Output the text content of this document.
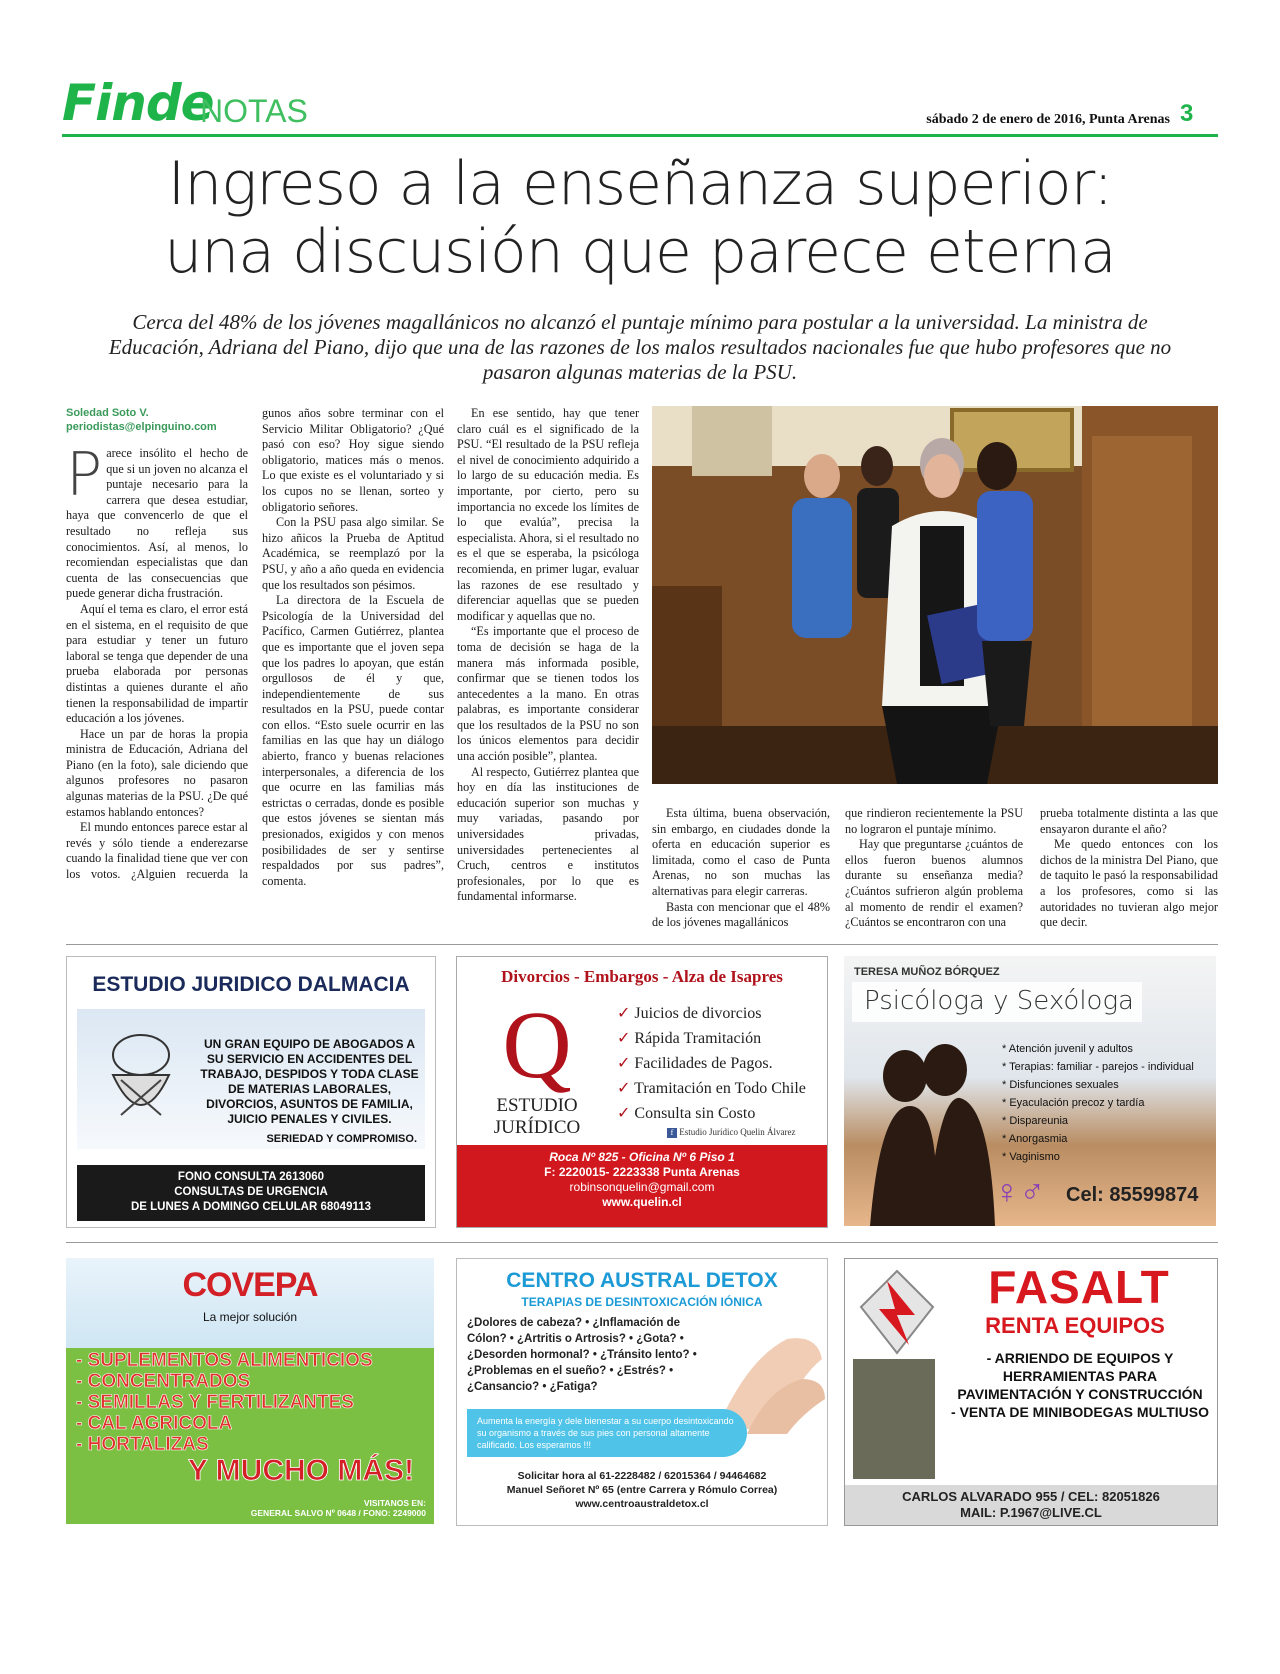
Finde
NOTAS	sábado 2 de enero de 2016, Punta Arenas 3
Ingreso a la enseñanza superior:
una discusión que parece eterna
Cerca del 48% de los jóvenes magallánicos no alcanzó el puntaje mínimo para postular a la universidad. La ministra de Educación, Adriana del Piano, dijo que una de las razones de los malos resultados nacionales fue que hubo profesores que no pasaron algunas materias de la PSU.
Soledad Soto V.
periodistas@elpinguino.com

Parece insólito el hecho de que si un joven no alcanza el puntaje necesario para la carrera que desea estudiar, haya que convencerlo de que el resultado no refleja sus conocimientos. Así, al menos, lo recomiendan especialistas que dan cuenta de las consecuencias que puede generar dicha frustración.

Aquí el tema es claro, el error está en el sistema, en el requisito de que para estudiar y tener un futuro laboral se tenga que depender de una prueba elaborada por personas distintas a quienes durante el año tienen la responsabilidad de impartir educación a los jóvenes.

Hace un par de horas la propia ministra de Educación, Adriana del Piano (en la foto), sale diciendo que algunos profesores no pasaron algunas materias de la PSU. ¿De qué estamos hablando entonces?

El mundo entonces parece estar al revés y sólo tiende a enderezarse cuando la finalidad tiene que ver con los votos. ¿Alguien recuerda la

gunos años sobre terminar con el Servicio Militar Obligatorio? ¿Qué pasó con eso? Hoy sigue siendo obligatorio, matices más o menos. Lo que existe es el voluntariado y si los cupos no se llenan, sorteo y obligatorio señores.

Con la PSU pasa algo similar. Se hizo añicos la Prueba de Aptitud Académica, se reemplazó por la PSU, y año a año queda en evidencia que los resultados son pésimos.

La directora de la Escuela de Psicología de la Universidad del Pacífico, Carmen Gutiérrez, plantea que es importante que el joven sepa que los padres lo apoyan, que están orgullosos de él y que, independientemente de sus resultados en la PSU, puede contar con ellos. “Esto suele ocurrir en las familias en las que hay un diálogo abierto, franco y buenas relaciones interpersonales, a diferencia de los que ocurre en las familias más estrictas o cerradas, donde es posible que estos jóvenes se sientan más presionados, exigidos y con menos posibilidades de ser y sentirse respaldados por sus padres”, comenta.

En ese sentido, hay que tener claro cuál es el significado de la PSU. “El resultado de la PSU refleja el nivel de conocimiento adquirido a lo largo de su educación media. Es importante, por cierto, pero su importancia no excede los límites de lo que evalúa”, precisa la especialista. Ahora, si el resultado no es el que se esperaba, la psicóloga recomienda, en primer lugar, evaluar las razones de ese resultado y diferenciar aquellas que se pueden modificar y aquellas que no.

“Es importante que el proceso de toma de decisión se haga de la manera más informada posible, confirmar que se tienen todos los antecedentes a la mano. En otras palabras, es importante considerar que los resultados de la PSU no son los únicos elementos para decidir una acción posible”, plantea.

Al respecto, Gutiérrez plantea que hoy en día las instituciones de educación superior son muchas y muy variadas, pasando por universidades privadas, universidades pertenecientes al Cruch, centros e institutos profesionales, por lo que es fundamental informarse.

Esta última, buena observación, sin embargo, en ciudades donde la oferta en educación superior es limitada, como el caso de Punta Arenas, no son muchas las alternativas para elegir carreras.

Basta con mencionar que el 48% de los jóvenes magallánicos

que rindieron recientemente la PSU no lograron el puntaje mínimo.

Hay que preguntarse ¿cuántos de ellos fueron buenos alumnos durante su enseñanza media? ¿Cuántos sufrieron algún problema al momento de rendir el examen? ¿Cuántos se encontraron con una

prueba totalmente distinta a las que ensayaron durante el año?

Me quedo entonces con los dichos de la ministra Del Piano, que de taquito le pasó la responsabilidad a los profesores, como si las autoridades no tuvieran algo mejor que decir.

ESTUDIO JURIDICO DALMACIA
UN GRAN EQUIPO DE ABOGADOS A SU SERVICIO EN ACCIDENTES DEL TRABAJO, DESPIDOS Y TODA CLASE DE MATERIAS LABORALES, DIVORCIOS, ASUNTOS DE FAMILIA, JUICIO PENALES Y CIVILES.
SERIEDAD Y COMPROMISO.
FONO CONSULTA 2613060
CONSULTAS DE URGENCIA
DE LUNES A DOMINGO CELULAR 68049113
Divorcios - Embargos - Alza de Isapres
Q
ESTUDIO
JURÍDICO
✓ Juicios de divorcios
✓ Rápida Tramitación
✓ Facilidades de Pagos.
✓ Tramitación en Todo Chile
✓ Consulta sin Costo
f Estudio Jurídico Quelin Álvarez
Roca Nº 825 - Oficina Nº 6 Piso 1
F: 2220015- 2223338 Punta Arenas
robinsonquelin@gmail.com
www.quelin.cl
TERESA MUÑOZ BÓRQUEZ
Psicóloga y Sexóloga
* Atención juvenil y adultos
* Terapias: familiar - parejos - individual
* Disfunciones sexuales
* Eyaculación precoz y tardía
* Dispareunia
* Anorgasmia
* Vaginismo
♀♂ Cel: 85599874
COVEPA
La mejor solución
- SUPLEMENTOS ALIMENTICIOS
- CONCENTRADOS
- SEMILLAS Y FERTILIZANTES
- CAL AGRICOLA
- HORTALIZAS
Y MUCHO MÁS!
VISITANOS EN:
GENERAL SALVO Nº 0648 / FONO: 2249000
CENTRO AUSTRAL DETOX
TERAPIAS DE DESINTOXICACIÓN IÓNICA
¿Dolores de cabeza? • ¿Inflamación de Cólon? • ¿Artritis o Artrosis? • ¿Gota? • ¿Desorden hormonal? • ¿Tránsito lento? • ¿Problemas en el sueño? • ¿Estrés? • ¿Cansancio? • ¿Fatiga?
Aumenta la energía y dele bienestar a su cuerpo desintoxicando su organismo a través de sus pies con personal altamente calificado. Los esperamos !!!
Solicitar hora al 61-2228482 / 62015364 / 94464682
Manuel Señoret Nº 65 (entre Carrera y Rómulo Correa)
www.centroaustraldetox.cl
FASALT
RENTA EQUIPOS
- ARRIENDO DE EQUIPOS Y HERRAMIENTAS PARA PAVIMENTACIÓN Y CONSTRUCCIÓN
- VENTA DE MINIBODEGAS MULTIUSO
CARLOS ALVARADO 955 / CEL: 82051826
MAIL: P.1967@LIVE.CL
